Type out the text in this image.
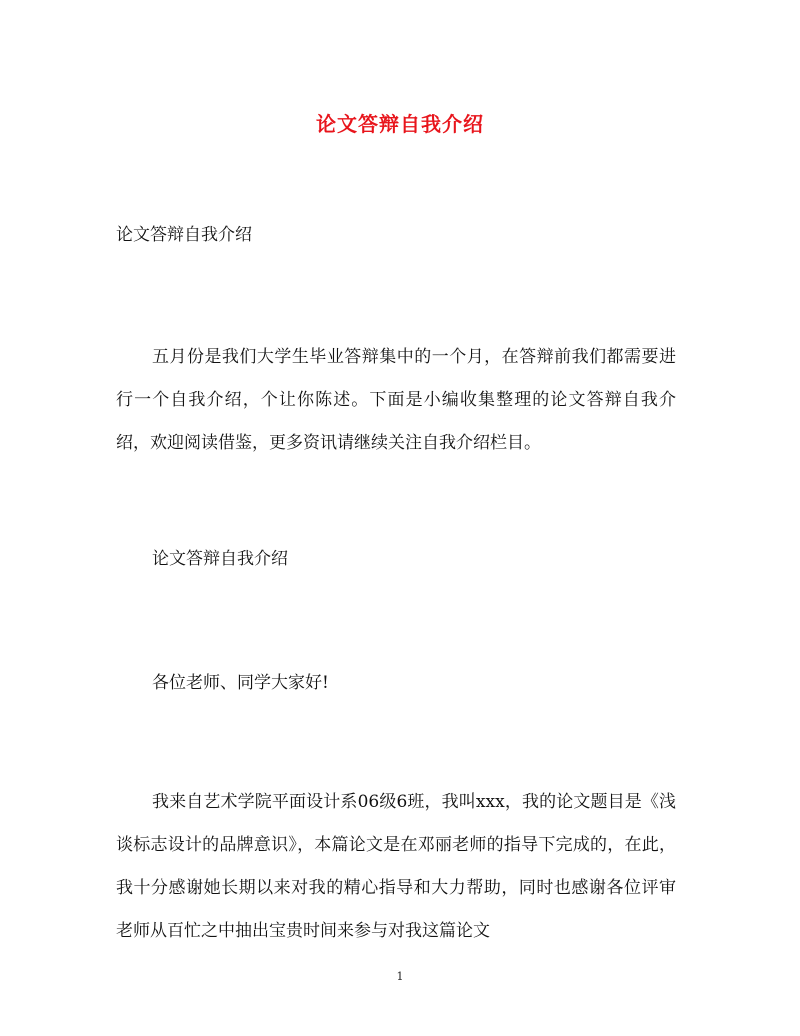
论文答辩自我介绍
论文答辩自我介绍
五月份是我们大学生毕业答辩集中的一个月，在答辩前我们都需要进行一个自我介绍，个让你陈述。下面是小编收集整理的论文答辩自我介绍，欢迎阅读借鉴，更多资讯请继续关注自我介绍栏目。
论文答辩自我介绍
各位老师、同学大家好!
我来自艺术学院平面设计系06级6班，我叫xxx，我的论文题目是《浅谈标志设计的品牌意识》，本篇论文是在邓丽老师的指导下完成的，在此，我十分感谢她长期以来对我的精心指导和大力帮助，同时也感谢各位评审老师从百忙之中抽出宝贵时间来参与对我这篇论文
1
